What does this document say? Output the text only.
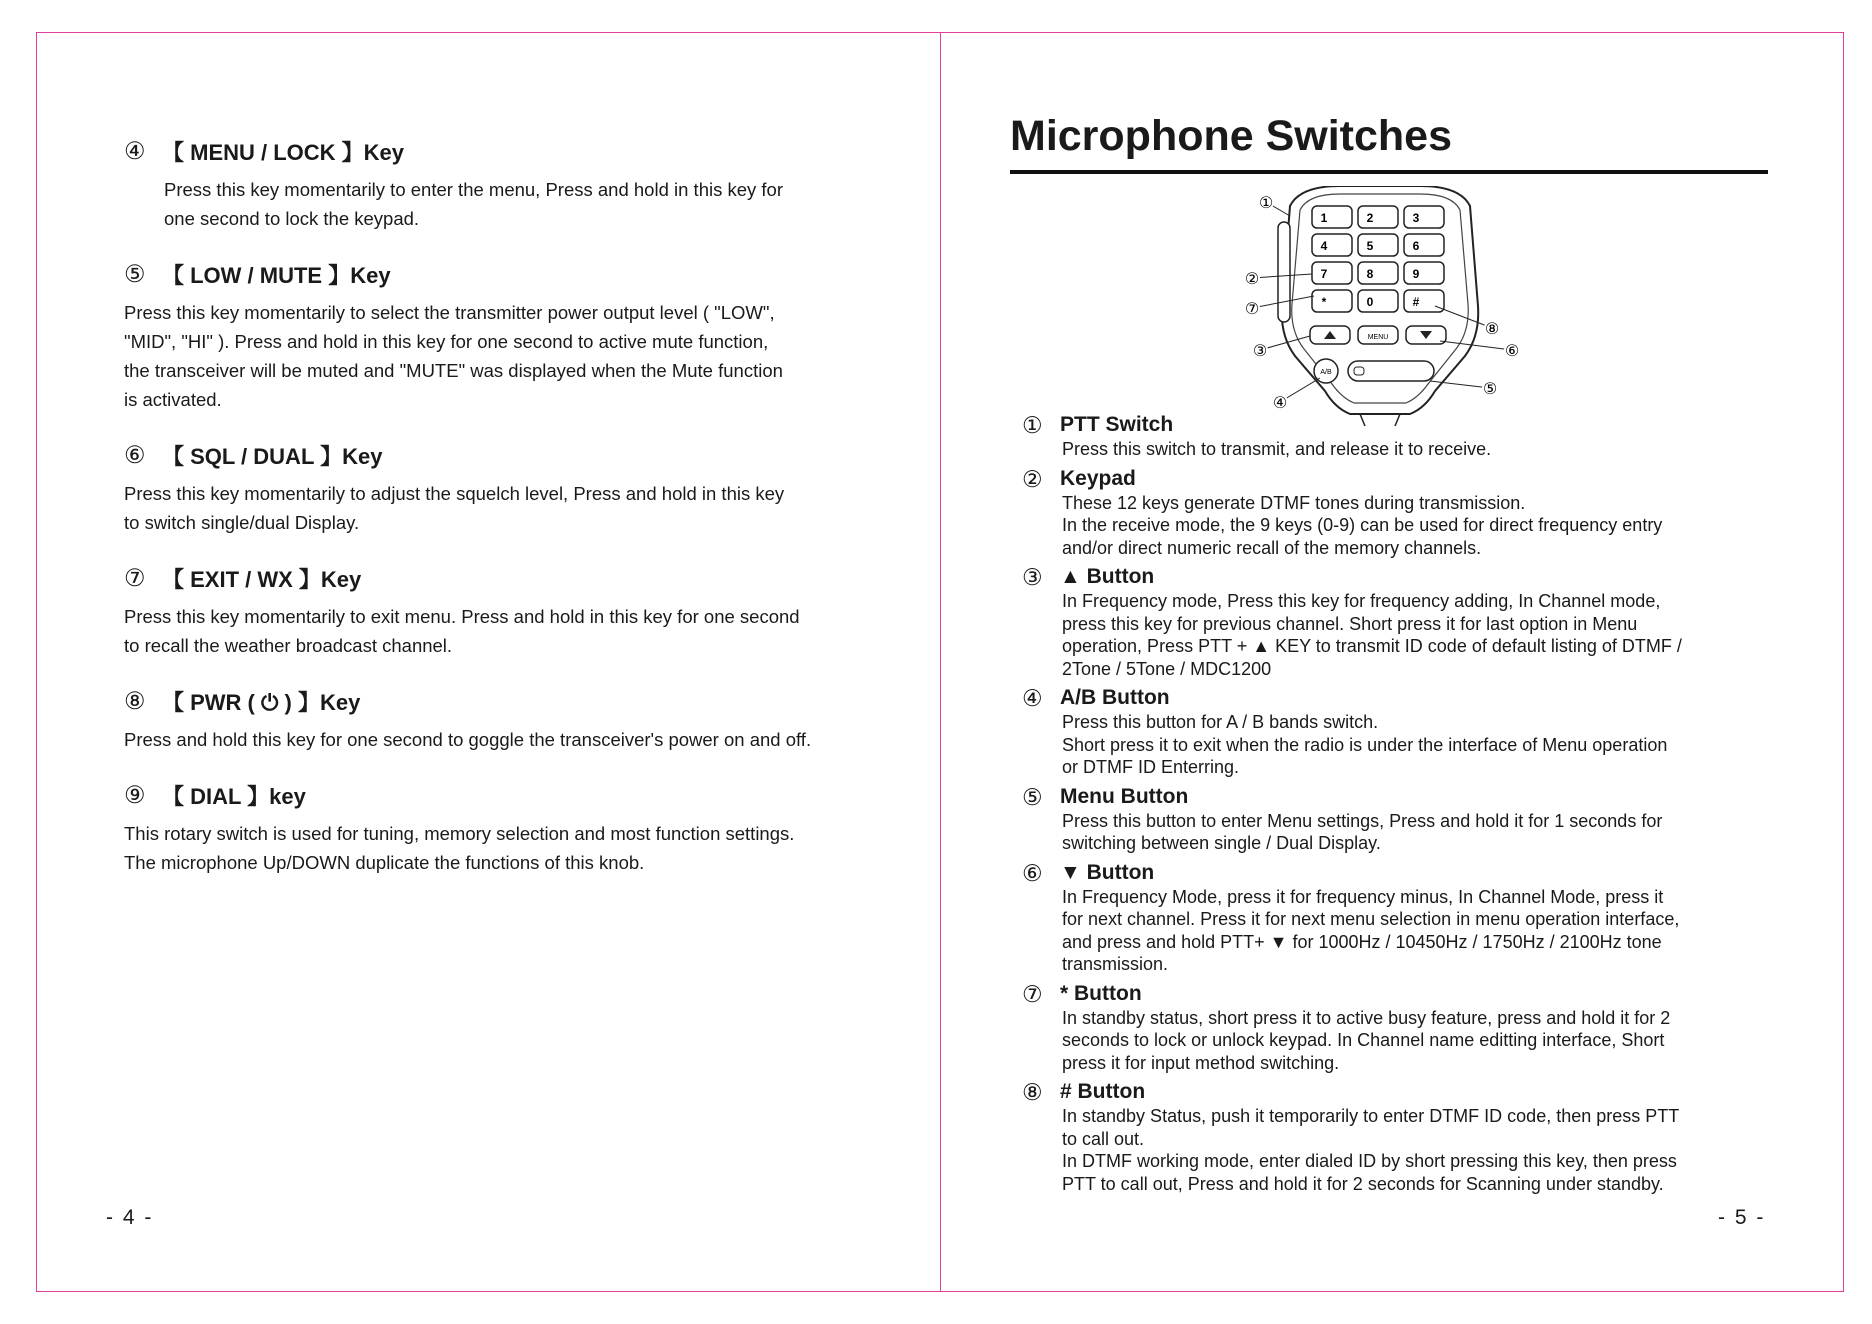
④ 【 MENU / LOCK 】Key
Press this key momentarily to enter the menu, Press and hold in this key for
one second to lock the keypad.
⑤ 【 LOW / MUTE 】Key
Press this key momentarily to select the transmitter power output level ( "LOW",
"MID", "HI" ). Press and hold in this key for one second to active mute function,
the transceiver will be muted and "MUTE" was displayed when the Mute function
is activated.
⑥ 【 SQL / DUAL 】Key
Press this key momentarily to adjust the squelch level, Press and hold in this key
to switch single/dual Display.
⑦ 【 EXIT / WX 】Key
Press this key momentarily to exit menu. Press and hold in this key for one second
to recall the weather broadcast channel.
⑧ 【 PWR ( ⏻ ) 】Key
Press and hold this key for one second to goggle the transceiver's power on and off.
⑨ 【 DIAL 】key
This rotary switch is used for tuning, memory selection and most function settings.
The microphone Up/DOWN duplicate the functions of this knob.
- 4 -
Microphone Switches
1	2	3
4	5	6
7	8	9
*	0	#
MENU
A/B
①
②
⑦
③
④
⑤
⑥
⑧
① PTT Switch
Press this switch to transmit, and release it to receive.
② Keypad
These 12 keys generate DTMF tones during transmission.
In the receive mode, the 9 keys (0-9) can be used for direct frequency entry
and/or direct numeric recall of the memory channels.
③ ▲ Button
In Frequency mode, Press this key for frequency adding, In Channel mode,
press this key for previous channel. Short press it for last option in Menu
operation, Press PTT + ▲ KEY to transmit ID code of default listing of DTMF /
2Tone / 5Tone / MDC1200
④ A/B Button
Press this button for A / B bands switch.
Short press it to exit when the radio is under the interface of Menu operation
or DTMF ID Enterring.
⑤ Menu Button
Press this button to enter Menu settings, Press and hold it for 1 seconds for
switching between single / Dual Display.
⑥ ▼ Button
In Frequency Mode, press it for frequency minus, In Channel Mode, press it
for next channel. Press it for next menu selection in menu operation interface,
and press and hold PTT+ ▼ for 1000Hz / 10450Hz / 1750Hz / 2100Hz tone
transmission.
⑦ * Button
In standby status, short press it to active busy feature, press and hold it for 2
seconds to lock or unlock keypad. In Channel name editting interface, Short
press it for input method switching.
⑧ # Button
In standby Status, push it temporarily to enter DTMF ID code, then press PTT
to call out.
In DTMF working mode, enter dialed ID by short pressing this key, then press
PTT to call out, Press and hold it for 2 seconds for Scanning under standby.
- 5 -
